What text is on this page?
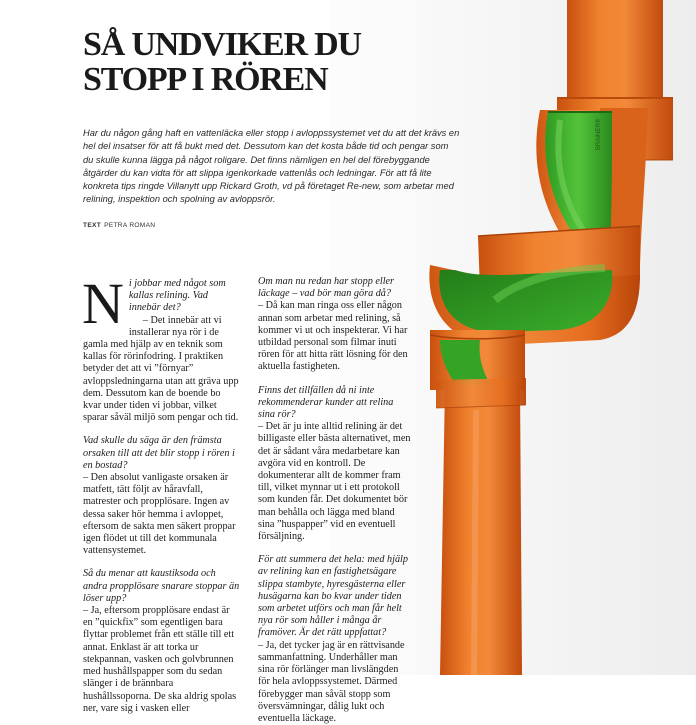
BRAINER®
SÅ UNDVIKER DU
STOPP I RÖREN

Har du någon gång haft en vattenläcka eller stopp i avloppssystemet vet du att det krävs en hel del insatser för att få bukt med det. Dessutom kan det kosta både tid och pengar som du skulle kunna lägga på något roligare. Det finns nämligen en hel del förebyggande åtgärder du kan vidta för att slippa igenkorkade vattenlås och ledningar. För att få lite konkreta tips ringde Villanytt upp Rickard Groth, vd på företaget Re-new, som arbetar med relining, inspektion och spolning av avloppsrör.

TEXT PETRA ROMAN
N i jobbar med något som kallas relining. Vad innebär det?

– Det innebär att vi installerar nya rör i de gamla med hjälp av en teknik som kallas för rörinfodring. I praktiken betyder det att vi ”förnyar” avloppsledningarna utan att gräva upp dem. Dessutom kan de boende bo kvar under tiden vi jobbar, vilket sparar såväl miljö som pengar och tid.

Vad skulle du säga är den främsta orsaken till att det blir stopp i rören i en bostad?

– Den absolut vanligaste orsaken är matfett, tätt följt av håravfall, matrester och propplösare. Ingen av dessa saker hör hemma i avloppet, eftersom de sakta men säkert proppar igen flödet ut till det kommunala vattensystemet.

Så du menar att kaustiksoda och andra propplösare snarare stoppar än löser upp?

– Ja, eftersom propplösare endast är en ”quickfix” som egentligen bara flyttar problemet från ett ställe till ett annat. Enklast är att torka ur stekpannan, vasken och golvbrunnen med hushållspapper som du sedan slänger i de brännbara hushållssoporna. De ska aldrig spolas ner, vare sig i vasken eller

Om man nu redan har stopp eller läckage – vad bör man göra då?

– Då kan man ringa oss eller någon annan som arbetar med relining, så kommer vi ut och inspekterar. Vi har utbildad personal som filmar inuti rören för att hitta rätt lösning för den aktuella fastigheten.

Finns det tillfällen då ni inte rekommenderar kunder att relina sina rör?

– Det är ju inte alltid relining är det billigaste eller bästa alternativet, men det är sådant våra medarbetare kan avgöra vid en kontroll. De dokumenterar allt de kommer fram till, vilket mynnar ut i ett protokoll som kunden får. Det dokumentet bör man behålla och lägga med bland sina ”huspapper” vid en eventuell försäljning.

För att summera det hela: med hjälp av relining kan en fastighetsägare slippa stambyte, hyresgästerna eller husägarna kan bo kvar under tiden som arbetet utförs och man får helt nya rör som håller i många år framöver. Är det rätt uppfattat?

– Ja, det tycker jag är en rättvisande sammanfattning. Underhåller man sina rör förlänger man livslängden för hela avloppssystemet. Därmed förebygger man såväl stopp som översvämningar, dålig lukt och eventuella läckage.
